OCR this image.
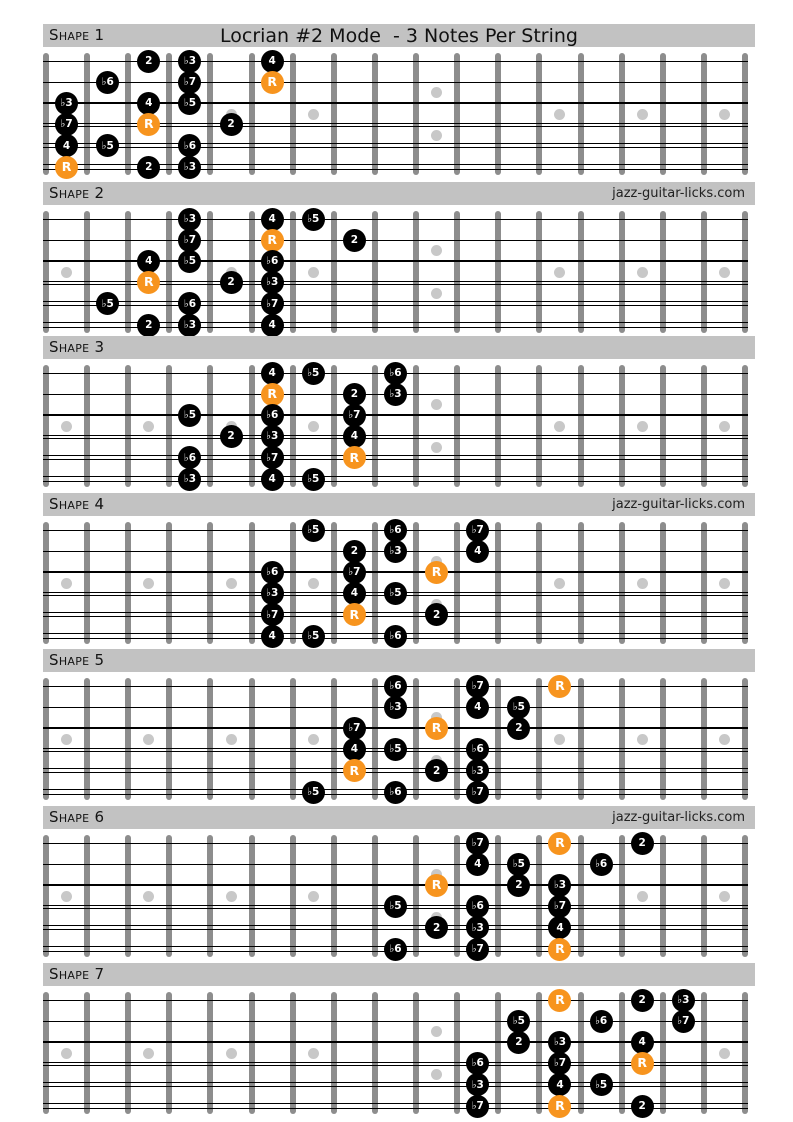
Shape 1	Locrian #2 Mode  - 3 Notes Per String
2	♭3	4
♭6	♭7	R
♭3	4	♭5
♭7	R	2
4	♭5	♭6
R	2	♭3
Shape 2	jazz-guitar-licks.com
♭3	4	♭5
♭7	R	2
4	♭5	♭6
R	2	♭3
♭5	♭6	♭7
2	♭3	4
Shape 3
4	♭5	♭6
R	2	♭3
♭5	♭6	♭7
2	♭3	4
♭6	♭7	R
♭3	4	♭5
Shape 4	jazz-guitar-licks.com
♭5	♭6	♭7
2	♭3	4
♭6	♭7	R
♭3	4	♭5
♭7	R	2
4	♭5	♭6
Shape 5
♭6	♭7	R
♭3	4	♭5
♭7	R	2
4	♭5	♭6
R	2	♭3
♭5	♭6	♭7
Shape 6	jazz-guitar-licks.com
♭7	R	2
4	♭5	♭6
R	2	♭3
♭5	♭6	♭7
2	♭3	4
♭6	♭7	R
Shape 7
R	2	♭3
♭5	♭6	♭7
2	♭3	4
♭6	♭7	R
♭3	4	♭5
♭7	R	2
